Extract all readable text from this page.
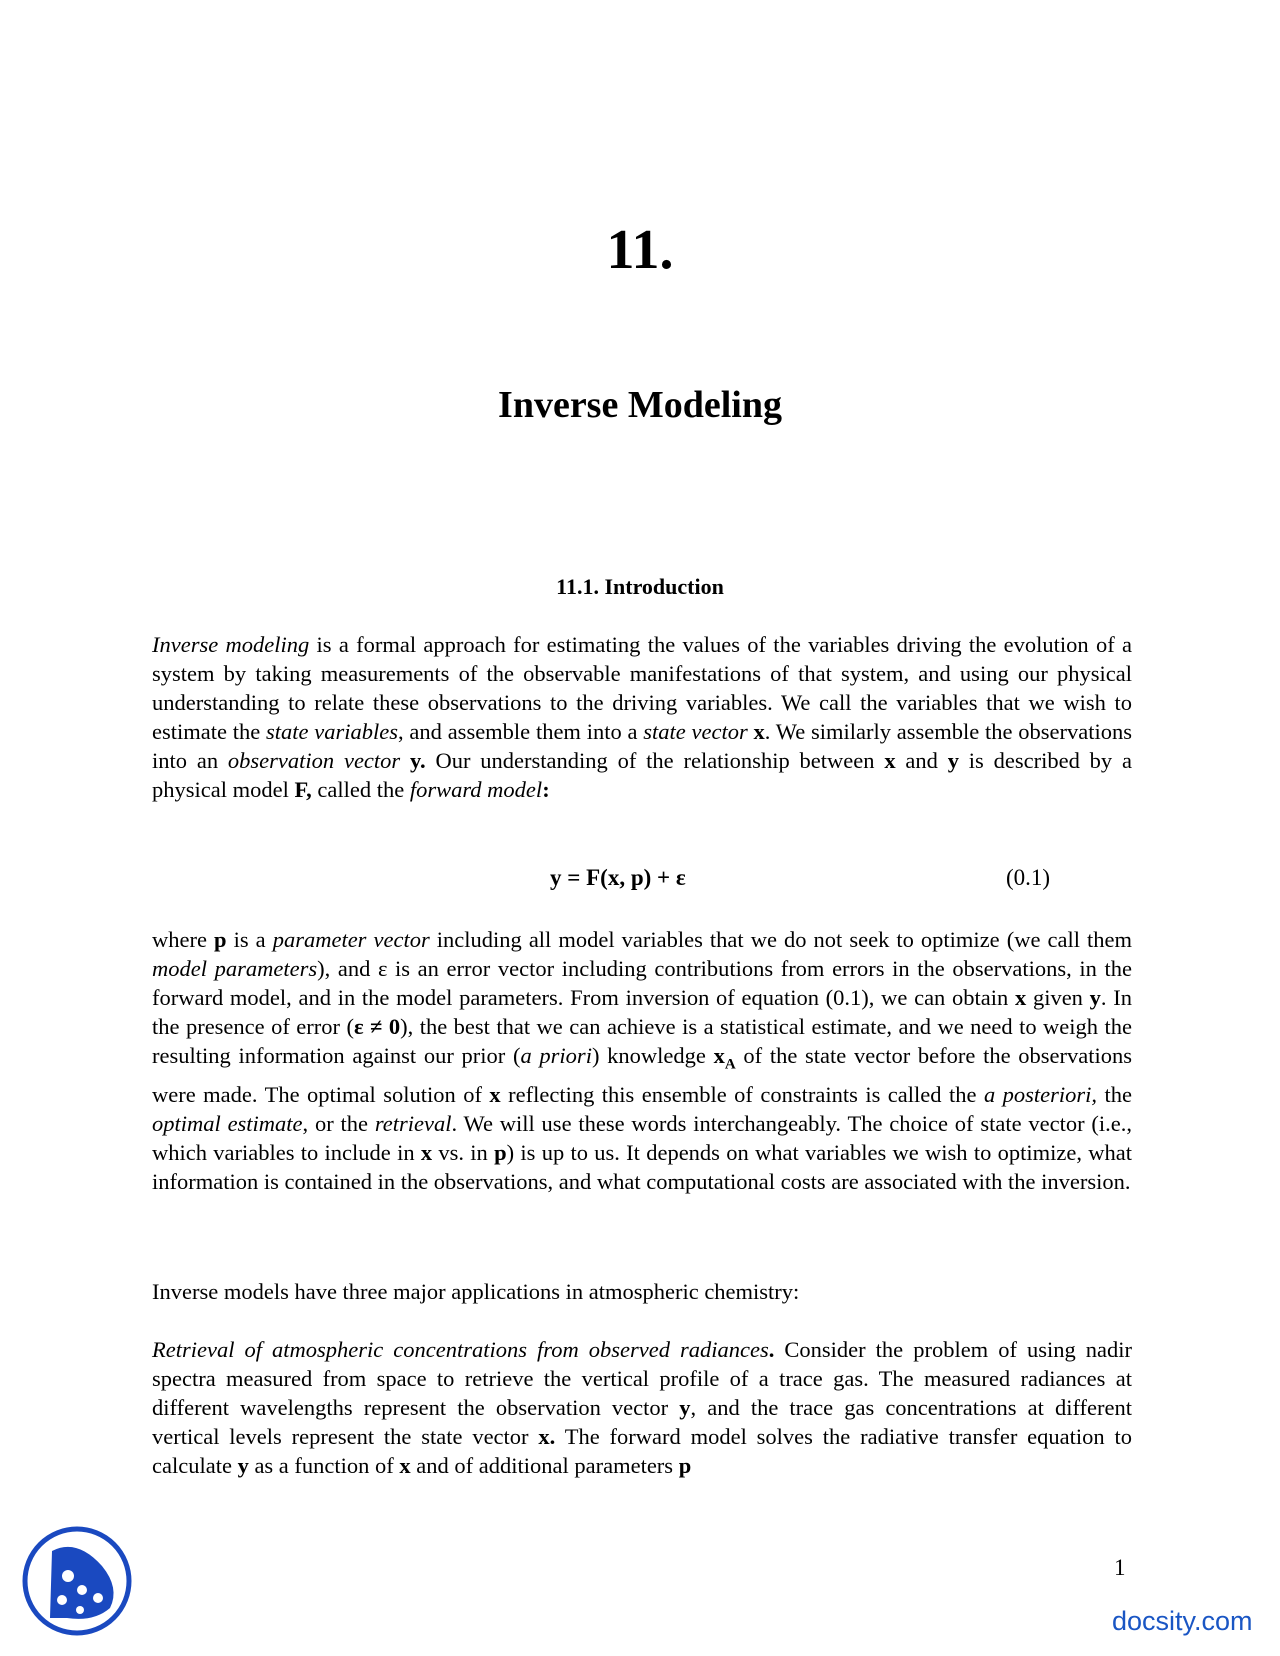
11.
Inverse Modeling
11.1. Introduction

Inverse modeling is a formal approach for estimating the values of the variables driving the evolution of a system by taking measurements of the observable manifestations of that system, and using our physical understanding to relate these observations to the driving variables. We call the variables that we wish to estimate the state variables, and assemble them into a state vector x. We similarly assemble the observations into an observation vector y. Our understanding of the relationship between x and y is described by a physical model F, called the forward model:

y = F(x, p) + ε	(0.1)

where p is a parameter vector including all model variables that we do not seek to optimize (we call them model parameters), and ε is an error vector including contributions from errors in the observations, in the forward model, and in the model parameters. From inversion of equation (0.1), we can obtain x given y. In the presence of error (ε ≠ 0), the best that we can achieve is a statistical estimate, and we need to weigh the resulting information against our prior (a priori) knowledge $x_A$ of the state vector before the observations were made. The optimal solution of x reflecting this ensemble of constraints is called the a posteriori, the optimal estimate, or the retrieval. We will use these words interchangeably. The choice of state vector (i.e., which variables to include in x vs. in p) is up to us. It depends on what variables we wish to optimize, what information is contained in the observations, and what computational costs are associated with the inversion.

Inverse models have three major applications in atmospheric chemistry:

Retrieval of atmospheric concentrations from observed radiances. Consider the problem of using nadir spectra measured from space to retrieve the vertical profile of a trace gas. The measured radiances at different wavelengths represent the observation vector y, and the trace gas concentrations at different vertical levels represent the state vector x. The forward model solves the radiative transfer equation to calculate y as a function of x and of additional parameters p

1
docsity.com
